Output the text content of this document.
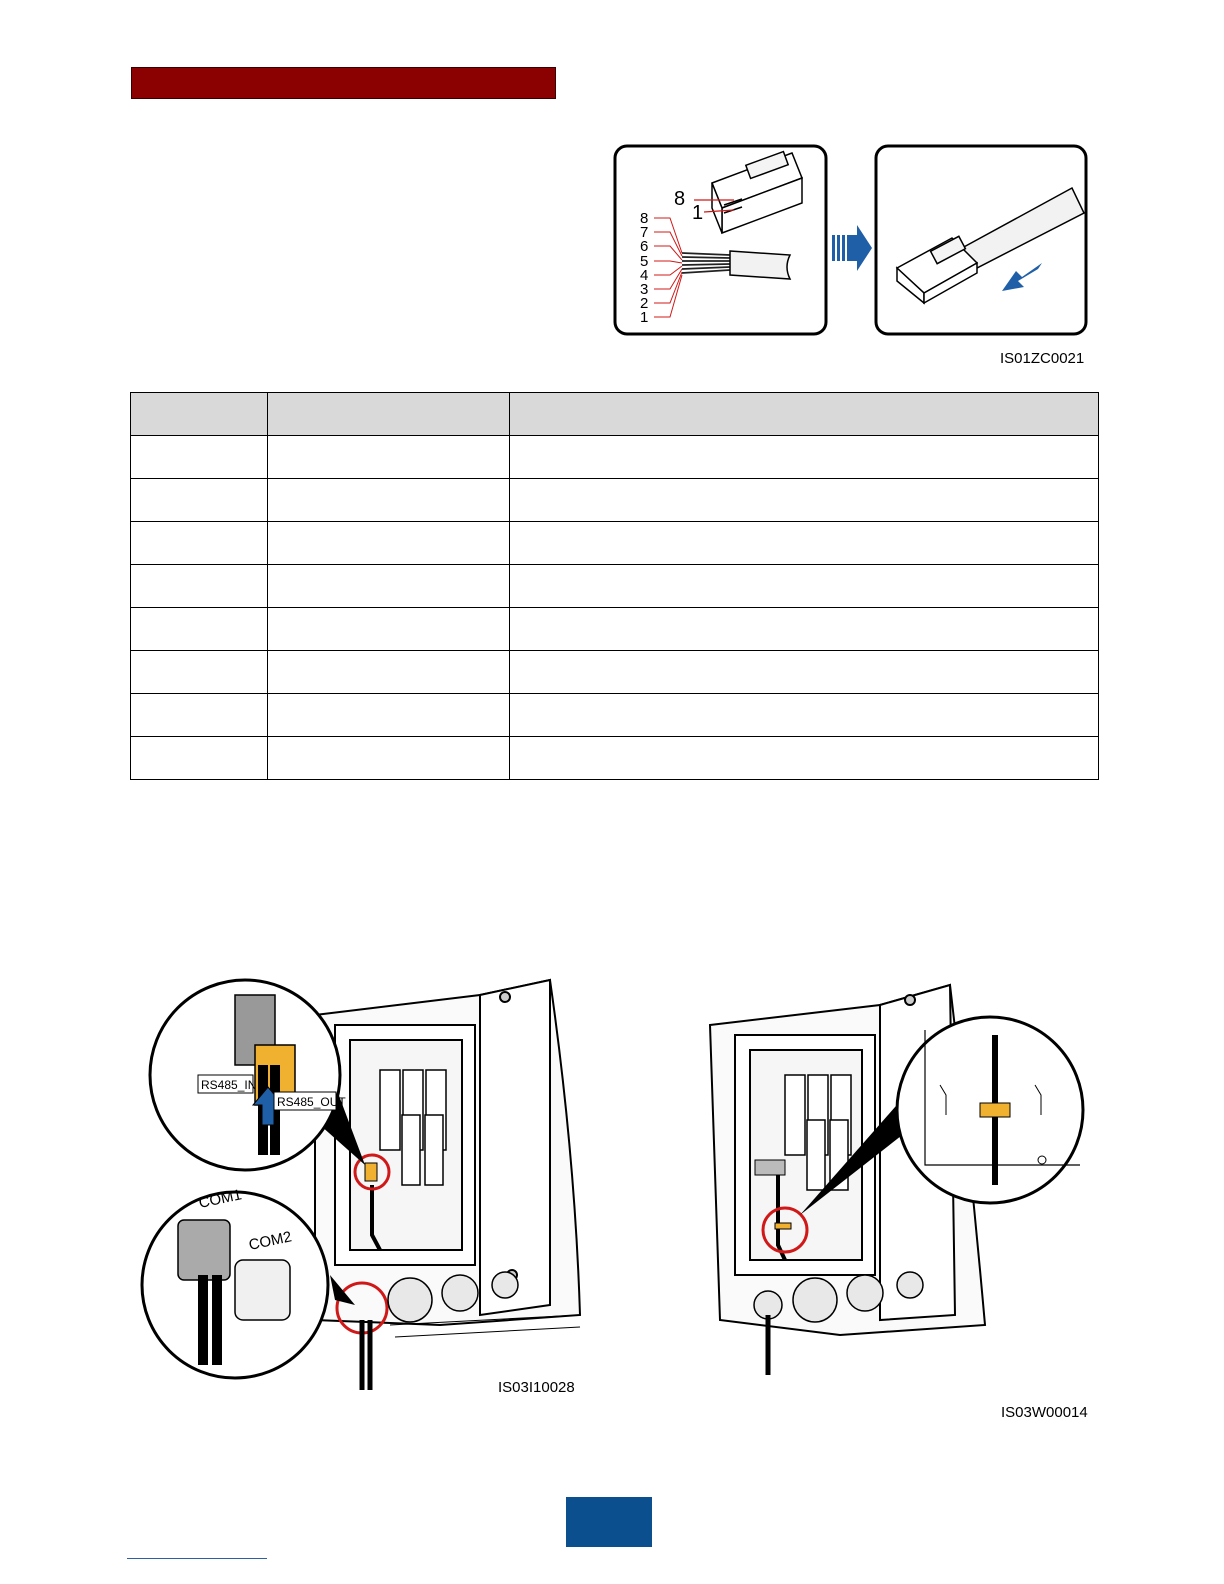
8
1
8
7
6
5
4
3
2
1
IS01ZC0021

RS485_IN
RS485_OUT
COM1
COM2
IS03I10028
IS03W00014
